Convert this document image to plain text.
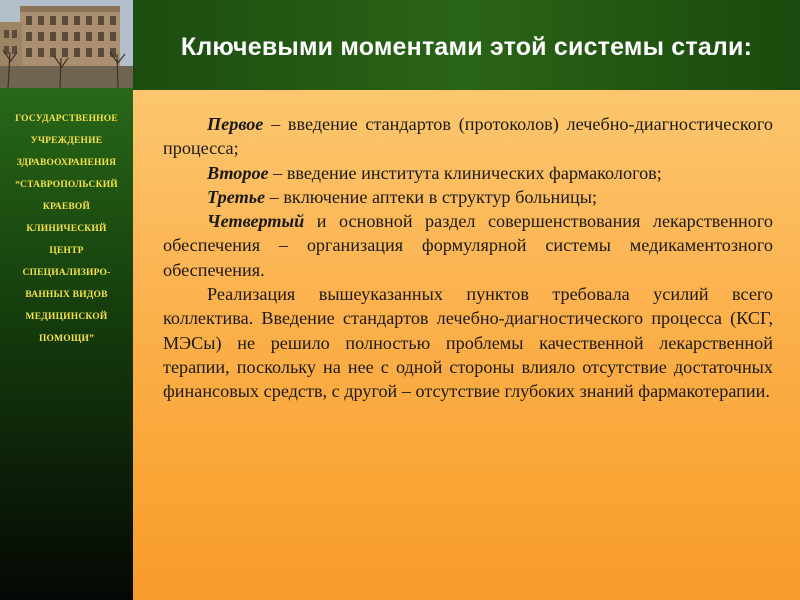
ГОСУДАРСТВЕННОЕ
УЧРЕЖДЕНИЕ
ЗДРАВООХРАНЕНИЯ
“СТАВРОПОЛЬСКИЙ
КРАЕВОЙ
КЛИНИЧЕСКИЙ
ЦЕНТР
СПЕЦИАЛИЗИРО-
ВАННЫХ ВИДОВ
МЕДИЦИНСКОЙ
ПОМОЩИ”
Ключевыми моментами этой системы стали:

Первое – введение стандартов (протоколов) лечебно-диагностического процесса;

Второе – введение института клинических фармакологов;

Третье – включение аптеки в структур больницы;

Четвертый и основной раздел совершенствования лекарственного обеспечения – организация формулярной системы медикаментозного обеспечения.

Реализация вышеуказанных пунктов требовала усилий всего коллектива. Введение стандартов лечебно-диагностического процесса (КСГ, МЭСы) не решило полностью проблемы качественной лекарственной терапии, поскольку на нее с одной стороны влияло отсутствие достаточных финансовых средств, с другой – отсутствие глубоких знаний фармакотерапии.
